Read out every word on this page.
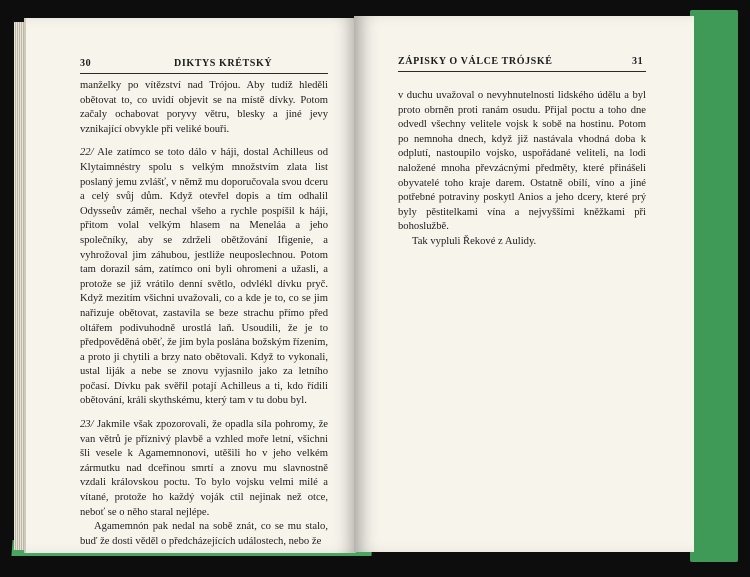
30	DIKTYS KRÉTSKÝ

manželky po vítězství nad Trójou. Aby tudíž hleděli obětovat to, co uvidí objevit se na místě dívky. Potom začaly ochabovat poryvy větru, blesky a jiné jevy vznikající obvykle při veliké bouři.

22/ Ale zatímco se toto dálo v háji, dostal Achilleus od Klytaimnéstry spolu s velkým množstvím zlata list poslaný jemu zvlášť, v němž mu doporučovala svou dceru a celý svůj dům. Když otevřel dopis a tím odhalil Odysseův záměr, nechal všeho a rychle pospíšil k háji, přitom volal velkým hlasem na Meneláa a jeho společníky, aby se zdrželi obětžování Ifigenie, a vyhrožoval jim záhubou, jestliže neuposlechnou. Potom tam dorazil sám, zatímco oni byli ohromeni a užasli, a protože se již vrátilo denní světlo, odvlékl dívku pryč. Když mezitím všichni uvažovali, co a kde je to, co se jim nařizuje obětovat, zastavila se beze strachu přímo před oltářem podivuhodně urostlá laň. Usoudili, že je to předpověděná oběť, že jim byla poslána božským řízením, a proto ji chytili a brzy nato obětovali. Když to vykonali, ustal liják a nebe se znovu vyjasnilo jako za letního počasí. Dívku pak svěřil potají Achilleus a ti, kdo řídili obětování, králi skythskému, který tam v tu dobu byl.

23/ Jakmile však zpozorovali, že opadla síla pohromy, že van větrů je příznivý plavbě a vzhled moře letní, všichni šli vesele k Agamemnonovi, utěšili ho v jeho velkém zármutku nad dceřinou smrtí a znovu mu slavnostně vzdali královskou poctu. To bylo vojsku velmi milé a vítané, protože ho každý voják ctil nejinak než otce, neboť se o něho staral nejlépe.

Agamemnón pak nedal na sobě znát, co se mu stalo, buď že dosti věděl o předcházejících událostech, nebo že

ZÁPISKY O VÁLCE TRÓJSKÉ	31

v duchu uvažoval o nevyhnutelnosti lidského údělu a byl proto obrněn proti ranám osudu. Přijal poctu a toho dne odvedl všechny velitele vojsk k sobě na hostinu. Potom po nemnoha dnech, když již nastávala vhodná doba k odplutí, nastoupilo vojsko, uspořádané veliteli, na lodi naložené mnoha převzácnými předměty, které přinášeli obyvatelé toho kraje darem. Ostatně obilí, víno a jiné potřebné potraviny poskytl Anios a jeho dcery, které prý byly pěstitelkami vína a nejvyššími kněžkami při bohoslužbě.

Tak vypluli Řekové z Aulidy.
